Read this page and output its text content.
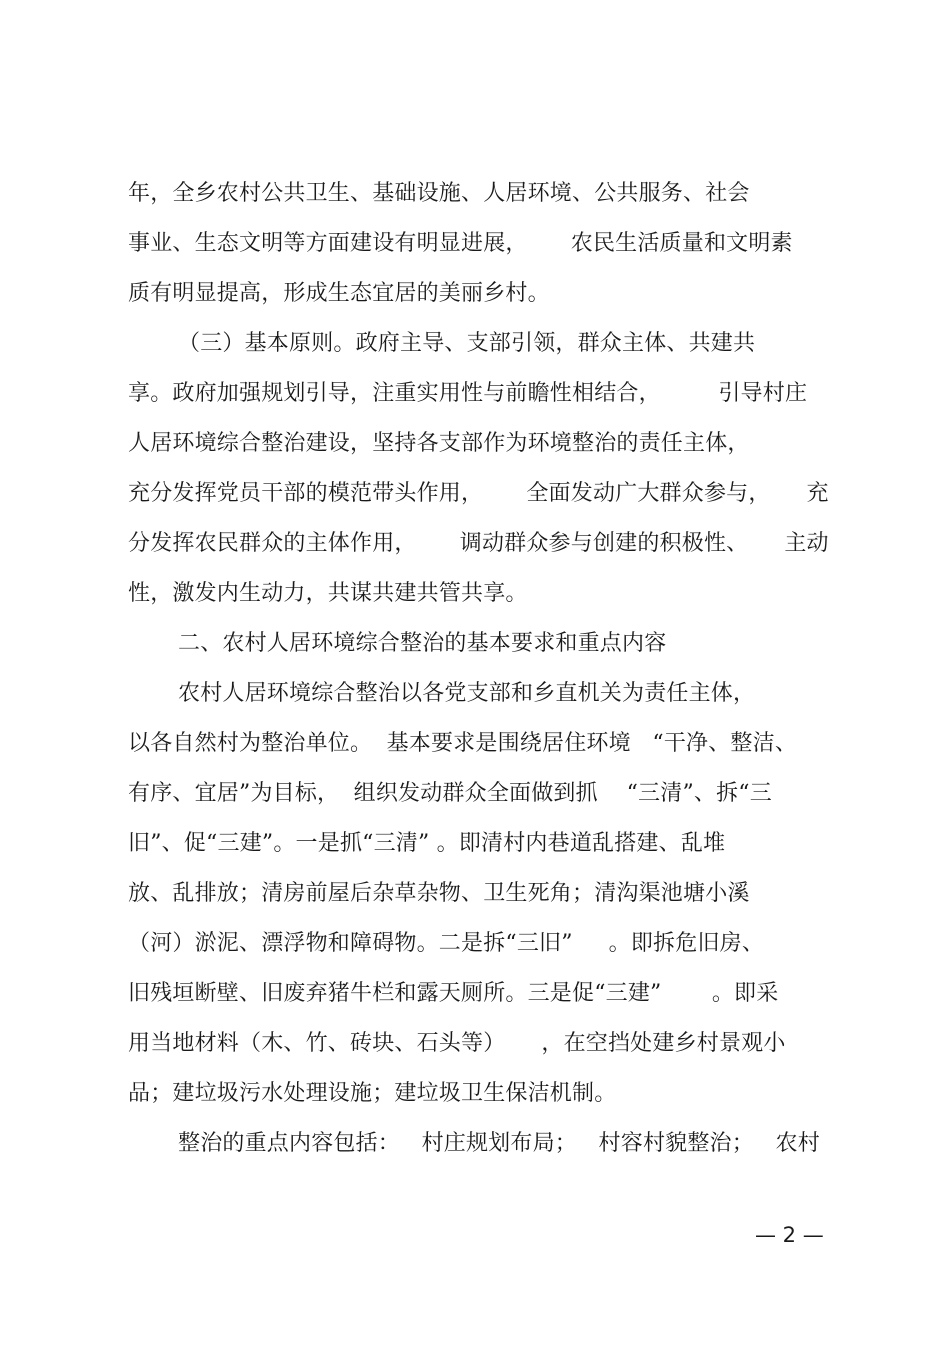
年，全乡农村公共卫生、基础设施、人居环境、公共服务、社会
事业、生态文明等方面建设有明显进展，      农民生活质量和文明素
质有明显提高，形成生态宜居的美丽乡村。
（三）基本原则。政府主导、支部引领，群众主体、共建共
享。政府加强规划引导，注重实用性与前瞻性相结合，        引导村庄
人居环境综合整治建设，坚持各支部作为环境整治的责任主体，
充分发挥党员干部的模范带头作用，      全面发动广大群众参与，     充
分发挥农民群众的主体作用，      调动群众参与创建的积极性、     主动
性，激发内生动力，共谋共建共管共享。
二、农村人居环境综合整治的基本要求和重点内容
农村人居环境综合整治以各党支部和乡直机关为责任主体，
以各自然村为整治单位。  基本要求是围绕居住环境   “干净、整洁、
有序、宜居”为目标，  组织发动群众全面做到抓    “三清”、拆“三
旧”、促“三建”。一是抓“三清” 。即清村内巷道乱搭建、乱堆
放、乱排放；清房前屋后杂草杂物、卫生死角；清沟渠池塘小溪
（河）淤泥、漂浮物和障碍物。二是拆“三旧”     。即拆危旧房、
旧残垣断壁、旧废弃猪牛栏和露天厕所。三是促“三建”       。即采
用当地材料（木、竹、砖块、石头等）     ，在空挡处建乡村景观小
品；建垃圾污水处理设施；建垃圾卫生保洁机制。
整治的重点内容包括：   村庄规划布局；   村容村貌整治；   农村
— 2 —
